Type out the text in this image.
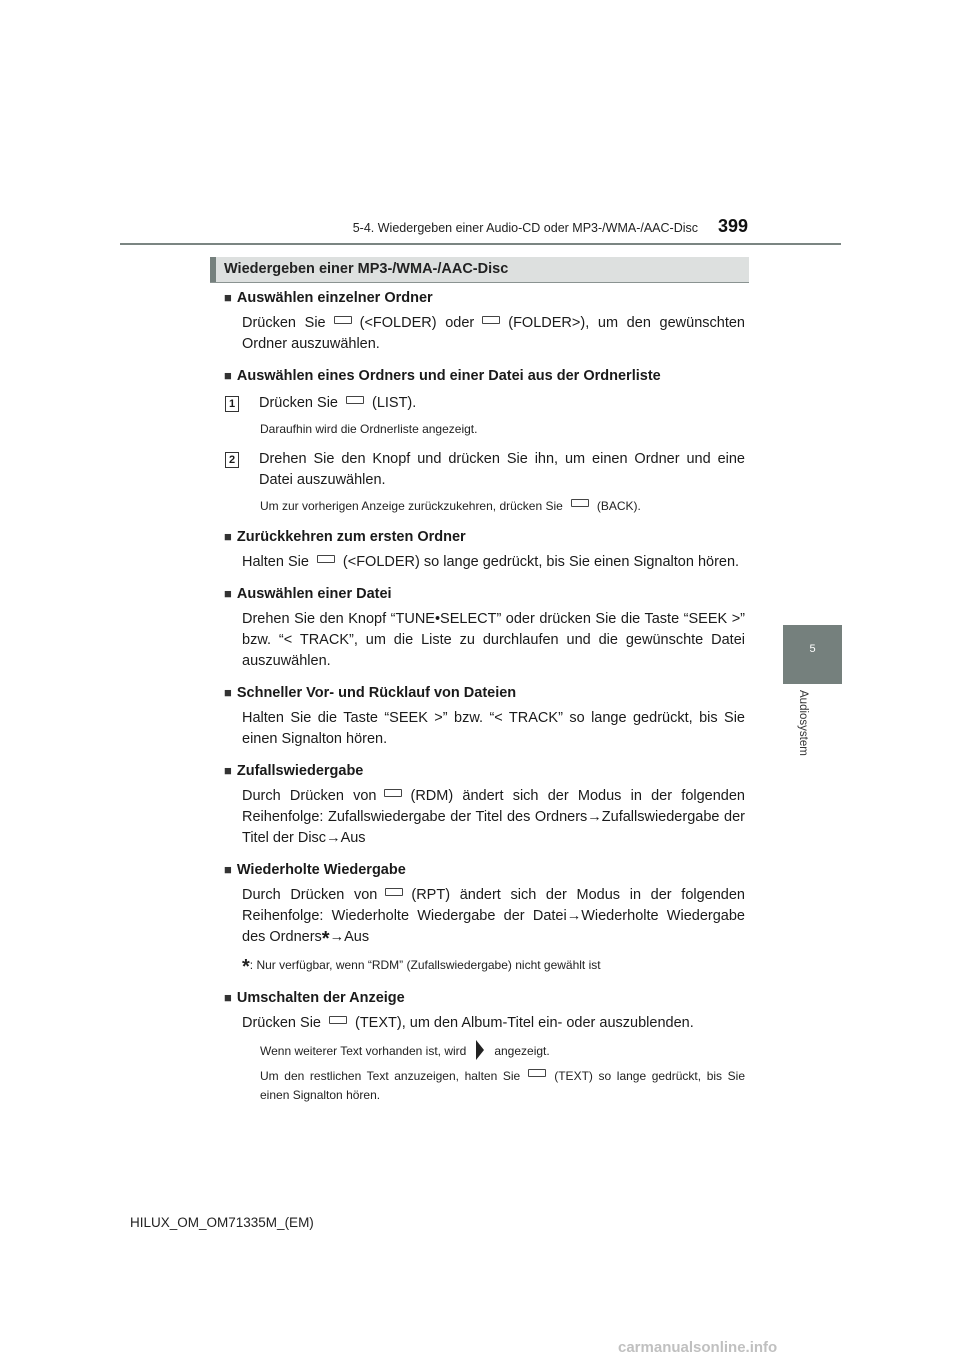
5-4. Wiedergeben einer Audio-CD oder MP3-/WMA-/AAC-Disc 399
5
Audiosystem
Wiedergeben einer MP3-/WMA-/AAC-Disc

■ Auswählen einzelner Ordner

Drücken Sie (<FOLDER) oder (FOLDER>), um den gewünschten Ordner auszuwählen.

■ Auswählen eines Ordners und einer Datei aus der Ordnerliste

1 Drücken Sie (LIST).

Daraufhin wird die Ordnerliste angezeigt.

2 Drehen Sie den Knopf und drücken Sie ihn, um einen Ordner und eine Datei auszuwählen.

Um zur vorherigen Anzeige zurückzukehren, drücken Sie	(BACK).

■ Zurückkehren zum ersten Ordner

Halten Sie (<FOLDER) so lange gedrückt, bis Sie einen Signalton hören.

■ Auswählen einer Datei

Drehen Sie den Knopf “TUNE•SELECT” oder drücken Sie die Taste “SEEK >” bzw. “< TRACK”, um die Liste zu durchlaufen und die gewünschte Datei auszuwählen.

■ Schneller Vor- und Rücklauf von Dateien

Halten Sie die Taste “SEEK >” bzw. “< TRACK” so lange gedrückt, bis Sie einen Signalton hören.

■ Zufallswiedergabe

Durch Drücken von (RDM) ändert sich der Modus in der folgenden Reihenfolge: Zufallswiedergabe der Titel des Ordners→Zufallswiedergabe der Titel der Disc→Aus

■ Wiederholte Wiedergabe

Durch Drücken von (RPT) ändert sich der Modus in der folgenden Reihenfolge: Wiederholte Wiedergabe der Datei→Wiederholte Wiedergabe des Ordners*→Aus

*: Nur verfügbar, wenn “RDM” (Zufallswiedergabe) nicht gewählt ist

■ Umschalten der Anzeige

Drücken Sie (TEXT), um den Album-Titel ein- oder auszublenden.

Wenn weiterer Text vorhanden ist, wird angezeigt.

Um den restlichen Text anzuzeigen, halten Sie	(TEXT) so lange gedrückt, bis Sie einen Signalton hören.

HILUX_OM_OM71335M_(EM)
carmanualsonline.info
